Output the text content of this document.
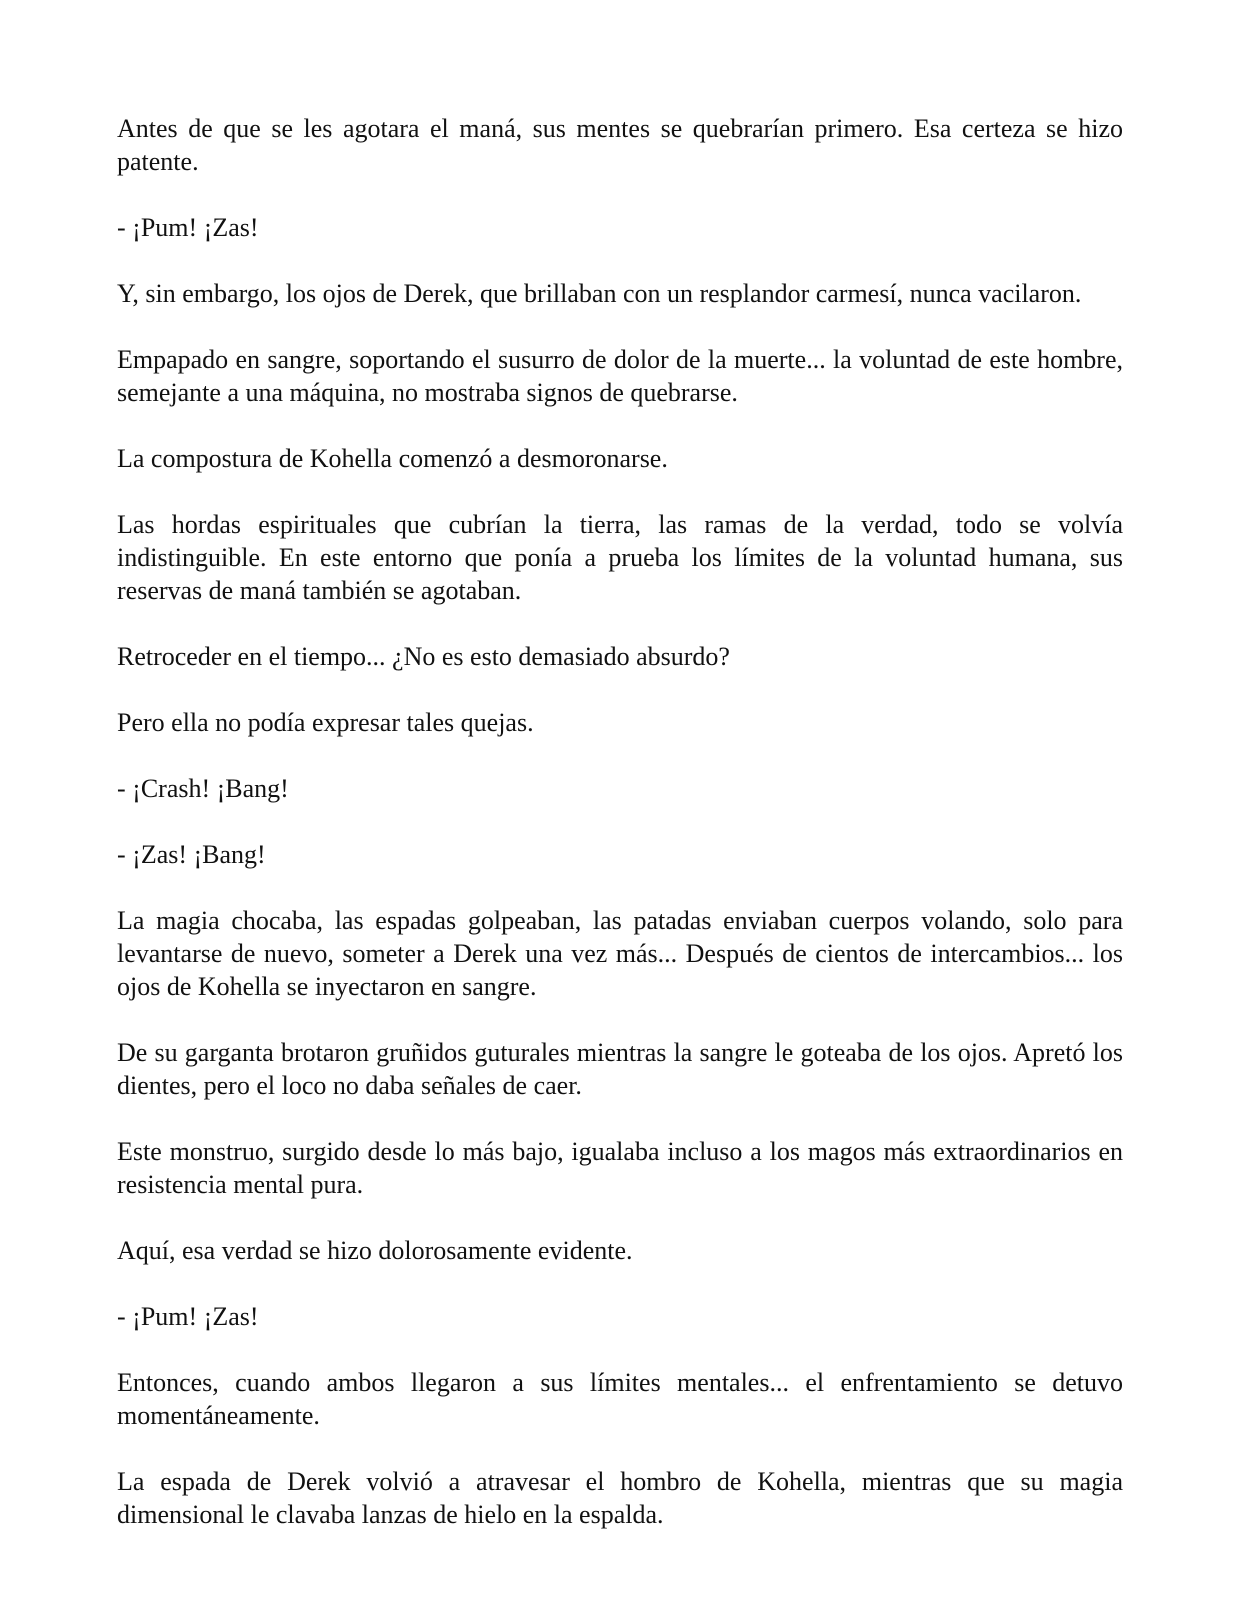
Antes de que se les agotara el maná, sus mentes se quebrarían primero. Esa certeza se hizo patente.

- ¡Pum! ¡Zas!

Y, sin embargo, los ojos de Derek, que brillaban con un resplandor carmesí, nunca vacilaron.

Empapado en sangre, soportando el susurro de dolor de la muerte... la voluntad de este hombre, semejante a una máquina, no mostraba signos de quebrarse.

La compostura de Kohella comenzó a desmoronarse.

Las hordas espirituales que cubrían la tierra, las ramas de la verdad, todo se volvía indistinguible. En este entorno que ponía a prueba los límites de la voluntad humana, sus reservas de maná también se agotaban.

Retroceder en el tiempo... ¿No es esto demasiado absurdo?

Pero ella no podía expresar tales quejas.

- ¡Crash! ¡Bang!

- ¡Zas! ¡Bang!

La magia chocaba, las espadas golpeaban, las patadas enviaban cuerpos volando, solo para levantarse de nuevo, someter a Derek una vez más... Después de cientos de intercambios... los ojos de Kohella se inyectaron en sangre.

De su garganta brotaron gruñidos guturales mientras la sangre le goteaba de los ojos. Apretó los dientes, pero el loco no daba señales de caer.

Este monstruo, surgido desde lo más bajo, igualaba incluso a los magos más extraordinarios en resistencia mental pura.

Aquí, esa verdad se hizo dolorosamente evidente.

- ¡Pum! ¡Zas!

Entonces, cuando ambos llegaron a sus límites mentales... el enfrentamiento se detuvo momentáneamente.

La espada de Derek volvió a atravesar el hombro de Kohella, mientras que su magia dimensional le clavaba lanzas de hielo en la espalda.
